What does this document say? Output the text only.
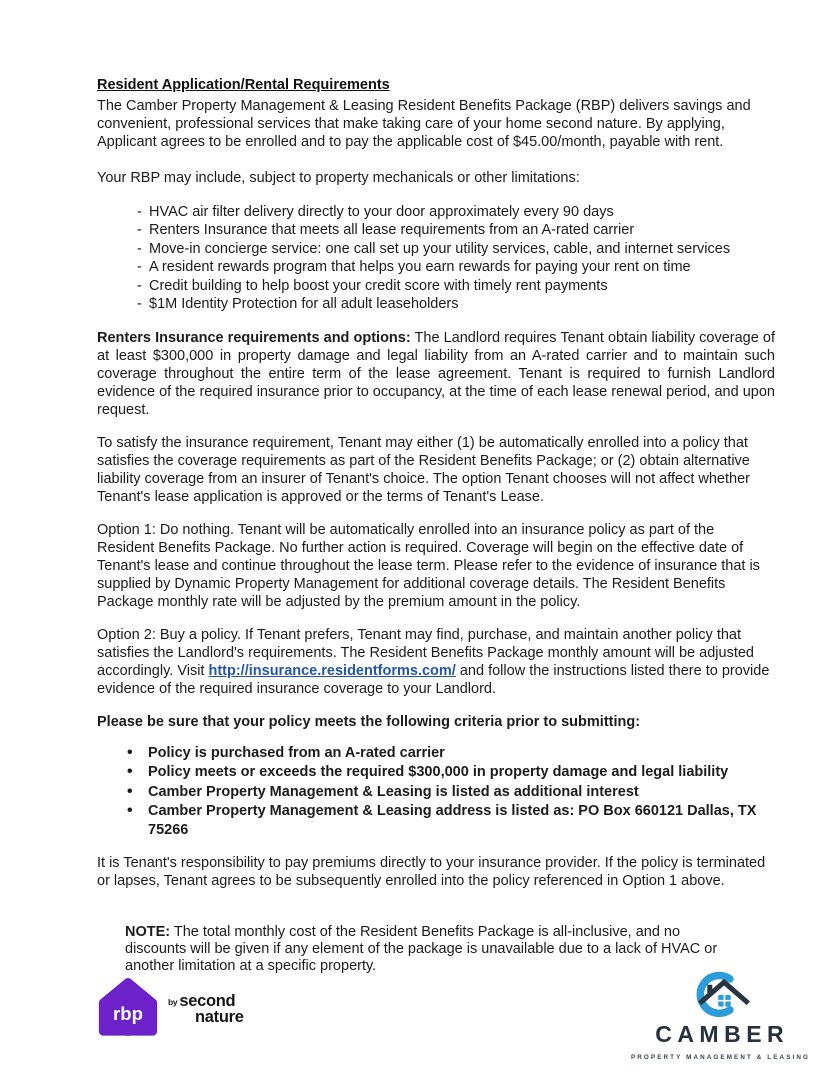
Resident Application/Rental Requirements

The Camber Property Management & Leasing Resident Benefits Package (RBP) delivers savings and convenient, professional services that make taking care of your home second nature. By applying, Applicant agrees to be enrolled and to pay the applicable cost of $45.00/month, payable with rent.

Your RBP may include, subject to property mechanicals or other limitations:

- HVAC air filter delivery directly to your door approximately every 90 days
- Renters Insurance that meets all lease requirements from an A-rated carrier
- Move-in concierge service: one call set up your utility services, cable, and internet services
- A resident rewards program that helps you earn rewards for paying your rent on time
- Credit building to help boost your credit score with timely rent payments
- $1M Identity Protection for all adult leaseholders

Renters Insurance requirements and options: The Landlord requires Tenant obtain liability coverage of at least $300,000 in property damage and legal liability from an A-rated carrier and to maintain such coverage throughout the entire term of the lease agreement. Tenant is required to furnish Landlord evidence of the required insurance prior to occupancy, at the time of each lease renewal period, and upon request.

To satisfy the insurance requirement, Tenant may either (1) be automatically enrolled into a policy that satisfies the coverage requirements as part of the Resident Benefits Package; or (2) obtain alternative liability coverage from an insurer of Tenant's choice. The option Tenant chooses will not affect whether Tenant's lease application is approved or the terms of Tenant's Lease.

Option 1: Do nothing. Tenant will be automatically enrolled into an insurance policy as part of the Resident Benefits Package. No further action is required. Coverage will begin on the effective date of Tenant's lease and continue throughout the lease term. Please refer to the evidence of insurance that is supplied by Dynamic Property Management for additional coverage details. The Resident Benefits Package monthly rate will be adjusted by the premium amount in the policy.

Option 2: Buy a policy. If Tenant prefers, Tenant may find, purchase, and maintain another policy that satisfies the Landlord's requirements. The Resident Benefits Package monthly amount will be adjusted accordingly. Visit http://insurance.residentforms.com/ and follow the instructions listed there to provide evidence of the required insurance coverage to your Landlord.

Please be sure that your policy meets the following criteria prior to submitting:

• Policy is purchased from an A-rated carrier
• Policy meets or exceeds the required $300,000 in property damage and legal liability
• Camber Property Management & Leasing is listed as additional interest
• Camber Property Management & Leasing address is listed as: PO Box 660121 Dallas, TX 75266

It is Tenant's responsibility to pay premiums directly to your insurance provider. If the policy is terminated or lapses, Tenant agrees to be subsequently enrolled into the policy referenced in Option 1 above.

NOTE: The total monthly cost of the Resident Benefits Package is all-inclusive, and no discounts will be given if any element of the package is unavailable due to a lack of HVAC or another limitation at a specific property.

rbp
by second
nature
CAMBER
PROPERTY MANAGEMENT & LEASING
